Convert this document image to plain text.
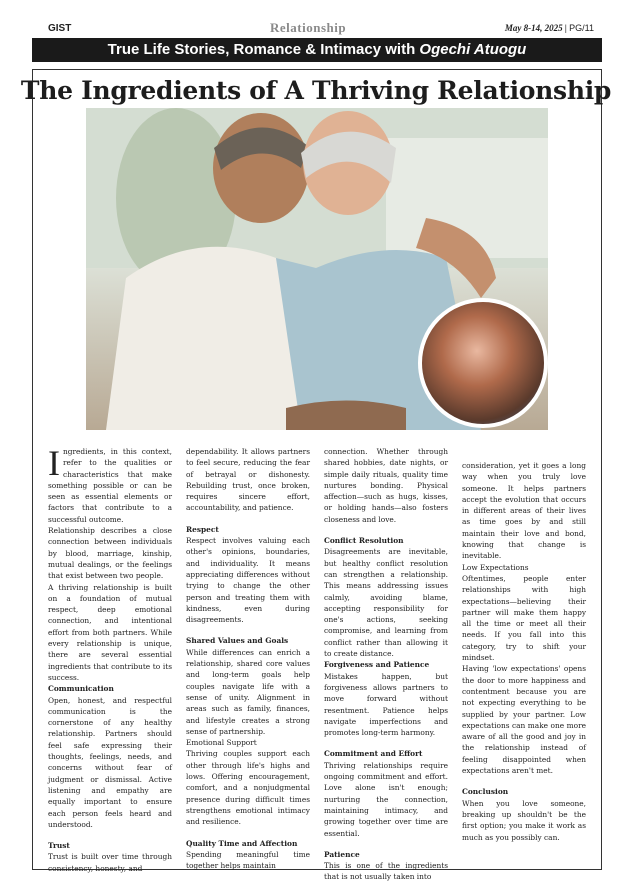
GIST	Relationship	May 8-14, 2025 | PG/11
True Life Stories, Romance & Intimacy with Ogechi Atuogu
The Ingredients of A Thriving Relationship

Ingredients, in this context, refer to the qualities or characteristics that make something possible or can be seen as essential elements or factors that contribute to a successful outcome.

Relationship describes a close connection between individuals by blood, marriage, kinship, mutual dealings, or the feelings that exist between two people.

A thriving relationship is built on a foundation of mutual respect, deep emotional connection, and intentional effort from both partners. While every relationship is unique, there are several essential ingredients that contribute to its success.

Communication

Open, honest, and respectful communication is the cornerstone of any healthy relationship. Partners should feel safe expressing their thoughts, feelings, needs, and concerns without fear of judgment or dismissal. Active listening and empathy are equally important to ensure each person feels heard and understood.

Trust

Trust is built over time through consistency, honesty, and

dependability. It allows partners to feel secure, reducing the fear of betrayal or dishonesty. Rebuilding trust, once broken, requires sincere effort, accountability, and patience.

Respect

Respect involves valuing each other's opinions, boundaries, and individuality. It means appreciating differences without trying to change the other person and treating them with kindness, even during disagreements.

Shared Values and Goals

While differences can enrich a relationship, shared core values and long-term goals help couples navigate life with a sense of unity. Alignment in areas such as family, finances, and lifestyle creates a strong sense of partnership.

Emotional Support

Thriving couples support each other through life's highs and lows. Offering encouragement, comfort, and a nonjudgmental presence during difficult times strengthens emotional intimacy and resilience.

Quality Time and Affection

Spending meaningful time together helps maintain

connection. Whether through shared hobbies, date nights, or simple daily rituals, quality time nurtures bonding. Physical affection—such as hugs, kisses, or holding hands—also fosters closeness and love.

Conflict Resolution

Disagreements are inevitable, but healthy conflict resolution can strengthen a relationship. This means addressing issues calmly, avoiding blame, accepting responsibility for one's actions, seeking compromise, and learning from conflict rather than allowing it to create distance.

Forgiveness and Patience

Mistakes happen, but forgiveness allows partners to move forward without resentment. Patience helps navigate imperfections and promotes long-term harmony.

Commitment and Effort

Thriving relationships require ongoing commitment and effort. Love alone isn't enough; nurturing the connection, maintaining intimacy, and growing together over time are essential.

Patience

This is one of the ingredients that is not usually taken into

consideration, yet it goes a long way when you truly love someone. It helps partners accept the evolution that occurs in different areas of their lives as time goes by and still maintain their love and bond, knowing that change is inevitable.

Low Expectations

Oftentimes, people enter relationships with high expectations—believing their partner will make them happy all the time or meet all their needs. If you fall into this category, try to shift your mindset.

Having 'low expectations' opens the door to more happiness and contentment because you are not expecting everything to be supplied by your partner. Low expectations can make one more aware of all the good and joy in the relationship instead of feeling disappointed when expectations aren't met.

Conclusion

When you love someone, breaking up shouldn't be the first option; you make it work as much as you possibly can.
